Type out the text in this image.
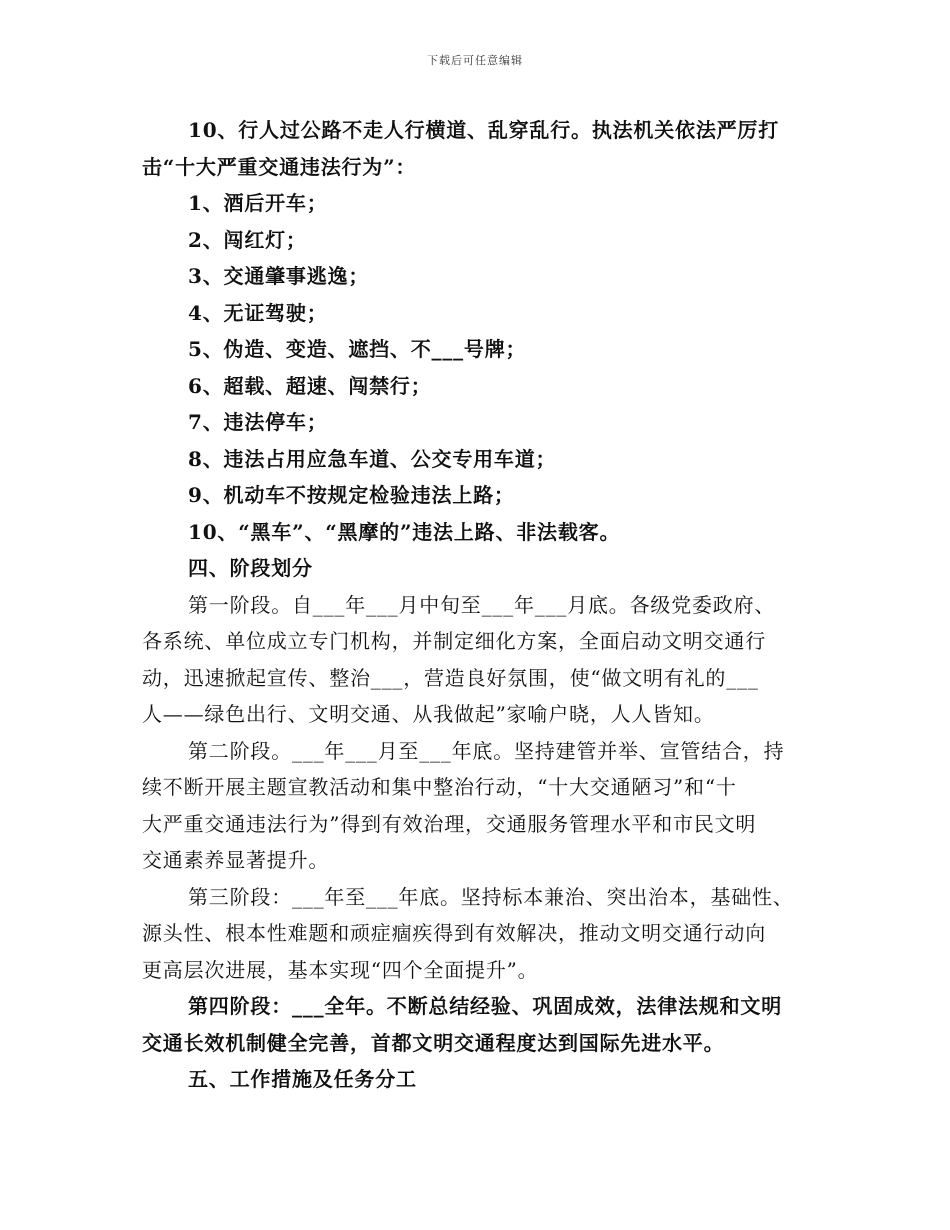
下载后可任意编辑
10、行人过公路不走人行横道、乱穿乱行。执法机关依法严厉打
击“十大严重交通违法行为”：
1、酒后开车；
2、闯红灯；
3、交通肇事逃逸；
4、无证驾驶；
5、伪造、变造、遮挡、不___号牌；
6、超载、超速、闯禁行；
7、违法停车；
8、违法占用应急车道、公交专用车道；
9、机动车不按规定检验违法上路；
10、“黑车”、“黑摩的”违法上路、非法载客。
四、阶段划分
第一阶段。自___年___月中旬至___年___月底。各级党委政府、
各系统、单位成立专门机构，并制定细化方案，全面启动文明交通行
动，迅速掀起宣传、整治___，营造良好氛围，使“做文明有礼的___
人——绿色出行、文明交通、从我做起”家喻户晓，人人皆知。
第二阶段。___年___月至___年底。坚持建管并举、宣管结合，持
续不断开展主题宣教活动和集中整治行动，“十大交通陋习”和“十
大严重交通违法行为”得到有效治理，交通服务管理水平和市民文明
交通素养显著提升。
第三阶段：___年至___年底。坚持标本兼治、突出治本，基础性、
源头性、根本性难题和顽症痼疾得到有效解决，推动文明交通行动向
更高层次进展，基本实现“四个全面提升”。
第四阶段：___全年。不断总结经验、巩固成效，法律法规和文明
交通长效机制健全完善，首都文明交通程度达到国际先进水平。
五、工作措施及任务分工
